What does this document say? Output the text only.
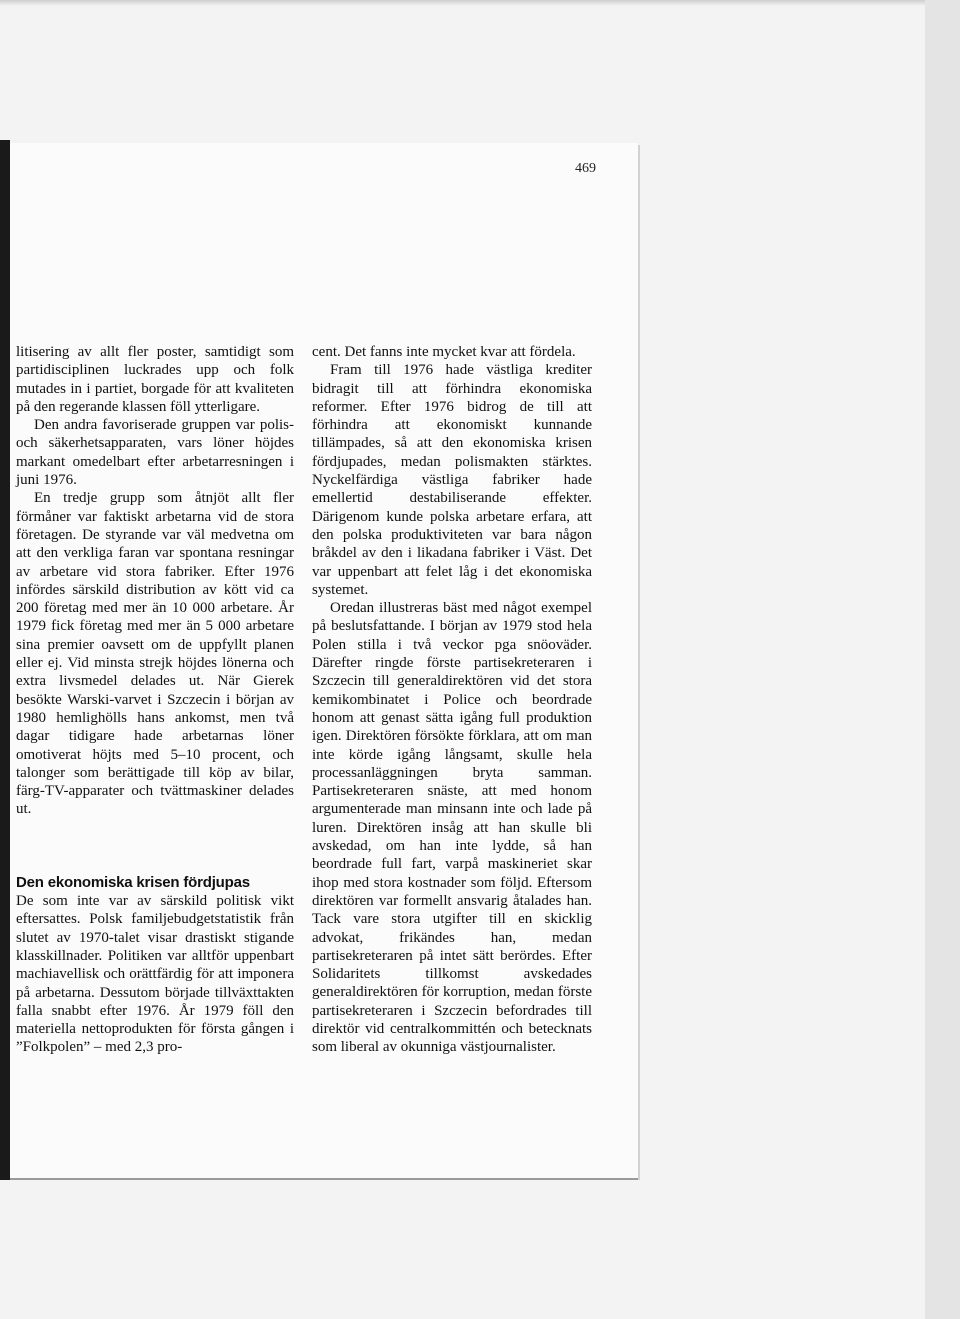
469

litisering av allt fler poster, samtidigt som partidisciplinen luckrades upp och folk mutades in i partiet, borgade för att kvaliteten på den regerande klassen föll ytterligare.

Den andra favoriserade gruppen var polis- och säkerhetsapparaten, vars löner höjdes markant omedelbart efter arbetarresningen i juni 1976.

En tredje grupp som åtnjöt allt fler förmåner var faktiskt arbetarna vid de stora företagen. De styrande var väl medvetna om att den verkliga faran var spontana resningar av arbetare vid stora fabriker. Efter 1976 infördes särskild distribution av kött vid ca 200 företag med mer än 10 000 arbetare. År 1979 fick företag med mer än 5 000 arbetare sina premier oavsett om de uppfyllt planen eller ej. Vid minsta strejk höjdes lönerna och extra livsmedel delades ut. När Gierek besökte Warski-varvet i Szczecin i början av 1980 hemlighölls hans ankomst, men två dagar tidigare hade arbetarnas löner omotiverat höjts med 5–10 procent, och talonger som berättigade till köp av bilar, färg-TV-apparater och tvättmaskiner delades ut.

Den ekonomiska krisen fördjupas

De som inte var av särskild politisk vikt eftersattes. Polsk familjebudgetstatistik från slutet av 1970-talet visar drastiskt stigande klasskillnader. Politiken var alltför uppenbart machiavellisk och orättfärdig för att imponera på arbetarna. Dessutom började tillväxttakten falla snabbt efter 1976. År 1979 föll den materiella nettoprodukten för första gången i ”Folkpolen” – med 2,3 pro-

cent. Det fanns inte mycket kvar att fördela.

Fram till 1976 hade västliga krediter bidragit till att förhindra ekonomiska reformer. Efter 1976 bidrog de till att förhindra att ekonomiskt kunnande tillämpades, så att den ekonomiska krisen fördjupades, medan polismakten stärktes. Nyckelfärdiga västliga fabriker hade emellertid destabiliserande effekter. Därigenom kunde polska arbetare erfara, att den polska produktiviteten var bara någon bråkdel av den i likadana fabriker i Väst. Det var uppenbart att felet låg i det ekonomiska systemet.

Oredan illustreras bäst med något exempel på beslutsfattande. I början av 1979 stod hela Polen stilla i två veckor pga snöoväder. Därefter ringde förste partisekreteraren i Szczecin till generaldirektören vid det stora kemikombinatet i Police och beordrade honom att genast sätta igång full produktion igen. Direktören försökte förklara, att om man inte körde igång långsamt, skulle hela processanläggningen bryta samman. Partisekreteraren snäste, att med honom argumenterade man minsann inte och lade på luren. Direktören insåg att han skulle bli avskedad, om han inte lydde, så han beordrade full fart, varpå maskineriet skar ihop med stora kostnader som följd. Eftersom direktören var formellt ansvarig åtalades han. Tack vare stora utgifter till en skicklig advokat, frikändes han, medan partisekreteraren på intet sätt berördes. Efter Solidaritets tillkomst avskedades generaldirektören för korruption, medan förste partisekreteraren i Szczecin befordrades till direktör vid centralkommittén och betecknats som liberal av okunniga västjournalister.
